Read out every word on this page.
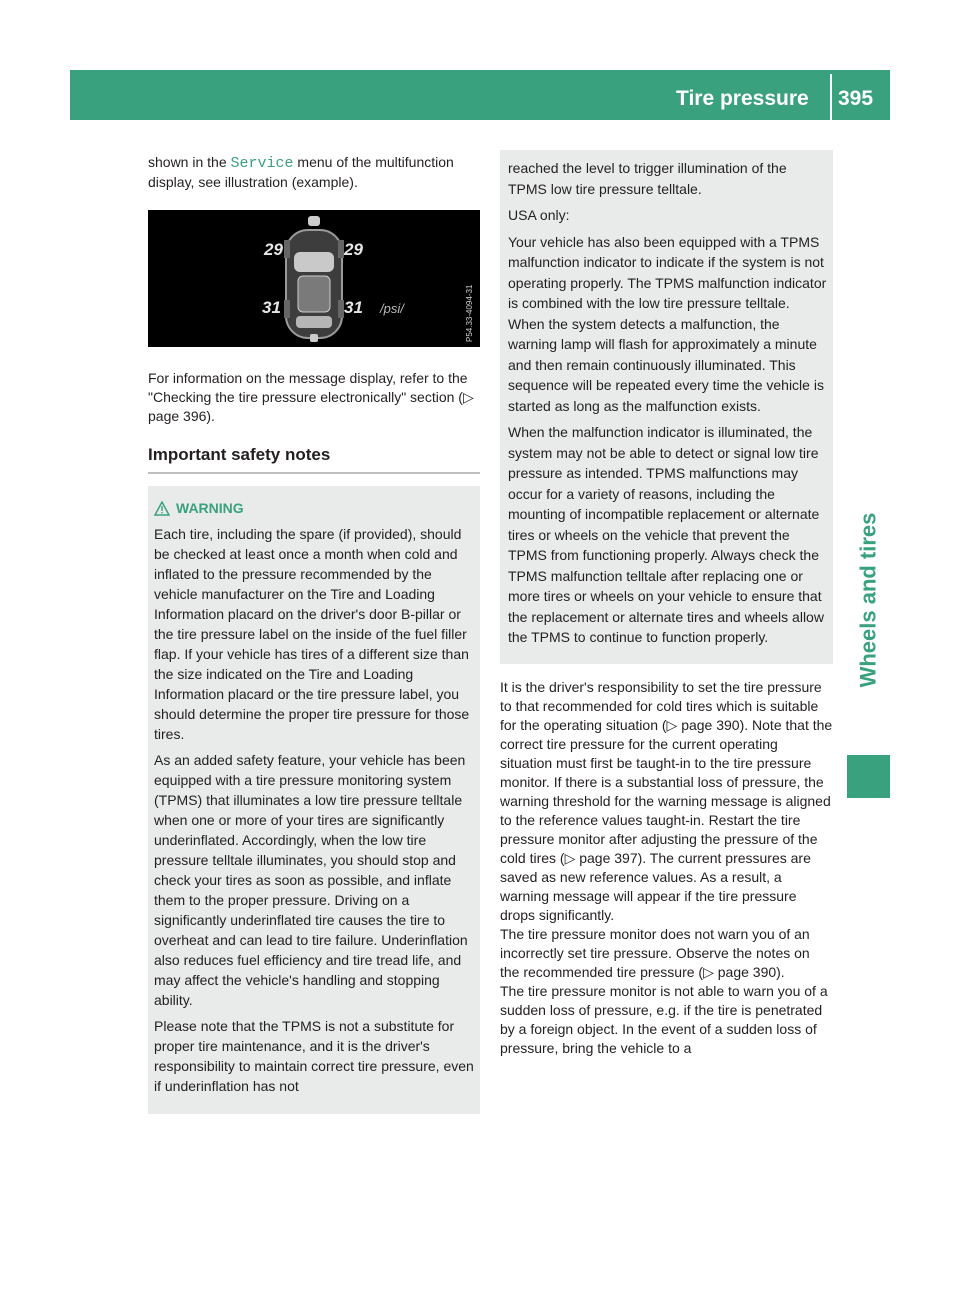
Tire pressure 395
Wheels and tires

shown in the Service menu of the multifunction display, see illustration (example).

29	29
31	31 /psi/	P54.33-4094-31

For information on the message display, refer to the "Checking the tire pressure electronically" section (▷ page 396).

Important safety notes
WARNING

Each tire, including the spare (if provided), should be checked at least once a month when cold and inflated to the pressure recommended by the vehicle manufacturer on the Tire and Loading Information placard on the driver's door B-pillar or the tire pressure label on the inside of the fuel filler flap. If your vehicle has tires of a different size than the size indicated on the Tire and Loading Information placard or the tire pressure label, you should determine the proper tire pressure for those tires.

As an added safety feature, your vehicle has been equipped with a tire pressure monitoring system (TPMS) that illuminates a low tire pressure telltale when one or more of your tires are significantly underinflated. Accordingly, when the low tire pressure telltale illuminates, you should stop and check your tires as soon as possible, and inflate them to the proper pressure. Driving on a significantly underinflated tire causes the tire to overheat and can lead to tire failure. Underinflation also reduces fuel efficiency and tire tread life, and may affect the vehicle's handling and stopping ability.

Please note that the TPMS is not a substitute for proper tire maintenance, and it is the driver's responsibility to maintain correct tire pressure, even if underinflation has not

reached the level to trigger illumination of the TPMS low tire pressure telltale.

USA only:

Your vehicle has also been equipped with a TPMS malfunction indicator to indicate if the system is not operating properly. The TPMS malfunction indicator is combined with the low tire pressure telltale. When the system detects a malfunction, the warning lamp will flash for approximately a minute and then remain continuously illuminated. This sequence will be repeated every time the vehicle is started as long as the malfunction exists.

When the malfunction indicator is illuminated, the system may not be able to detect or signal low tire pressure as intended. TPMS malfunctions may occur for a variety of reasons, including the mounting of incompatible replacement or alternate tires or wheels on the vehicle that prevent the TPMS from functioning properly. Always check the TPMS malfunction telltale after replacing one or more tires or wheels on your vehicle to ensure that the replacement or alternate tires and wheels allow the TPMS to continue to function properly.

It is the driver's responsibility to set the tire pressure to that recommended for cold tires which is suitable for the operating situation (▷ page 390). Note that the correct tire pressure for the current operating situation must first be taught-in to the tire pressure monitor. If there is a substantial loss of pressure, the warning threshold for the warning message is aligned to the reference values taught-in. Restart the tire pressure monitor after adjusting the pressure of the cold tires (▷ page 397). The current pressures are saved as new reference values. As a result, a warning message will appear if the tire pressure drops significantly.

The tire pressure monitor does not warn you of an incorrectly set tire pressure. Observe the notes on the recommended tire pressure (▷ page 390).

The tire pressure monitor is not able to warn you of a sudden loss of pressure, e.g. if the tire is penetrated by a foreign object. In the event of a sudden loss of pressure, bring the vehicle to a
